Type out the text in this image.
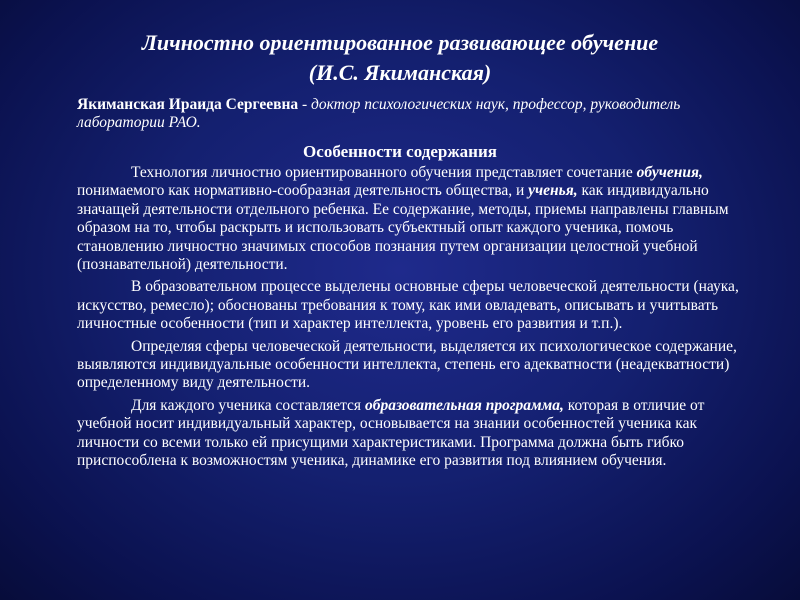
Личностно ориентированное развивающее обучение
(И.С. Якиманская)
Якиманская Ираида Сергеевна - доктор психологических наук, профессор, руководитель лаборатории РАО.
Особенности содержания

Технология личностно ориентированного обучения представляет сочетание обучения, понимаемого как нормативно-сообразная деятельность общества, и ученья, как индивидуально значащей деятельности отдельного ребенка. Ее содержание, методы, приемы направлены главным образом на то, чтобы раскрыть и использовать субъектный опыт каждого ученика, помочь становлению личностно значимых способов познания путем организации целостной учебной (познавательной) деятельности.

В образовательном процессе выделены основные сферы человеческой деятельности (наука, искусство, ремесло); обоснованы требования к тому, как ими овладевать, описывать и учитывать личностные особенности (тип и характер интеллекта, уровень его развития и т.п.).

Определяя сферы человеческой деятельности, выделяется их психологическое содержание, выявляются индивидуальные особенности интеллекта, степень его адекватности (неадекватности) определенному виду деятельности.

Для каждого ученика составляется образовательная программа, которая в отличие от учебной носит индивидуальный характер, основывается на знании особенностей ученика как личности со всеми только ей присущими характеристиками. Программа должна быть гибко приспособлена к возможностям ученика, динамике его развития под влиянием обучения.
